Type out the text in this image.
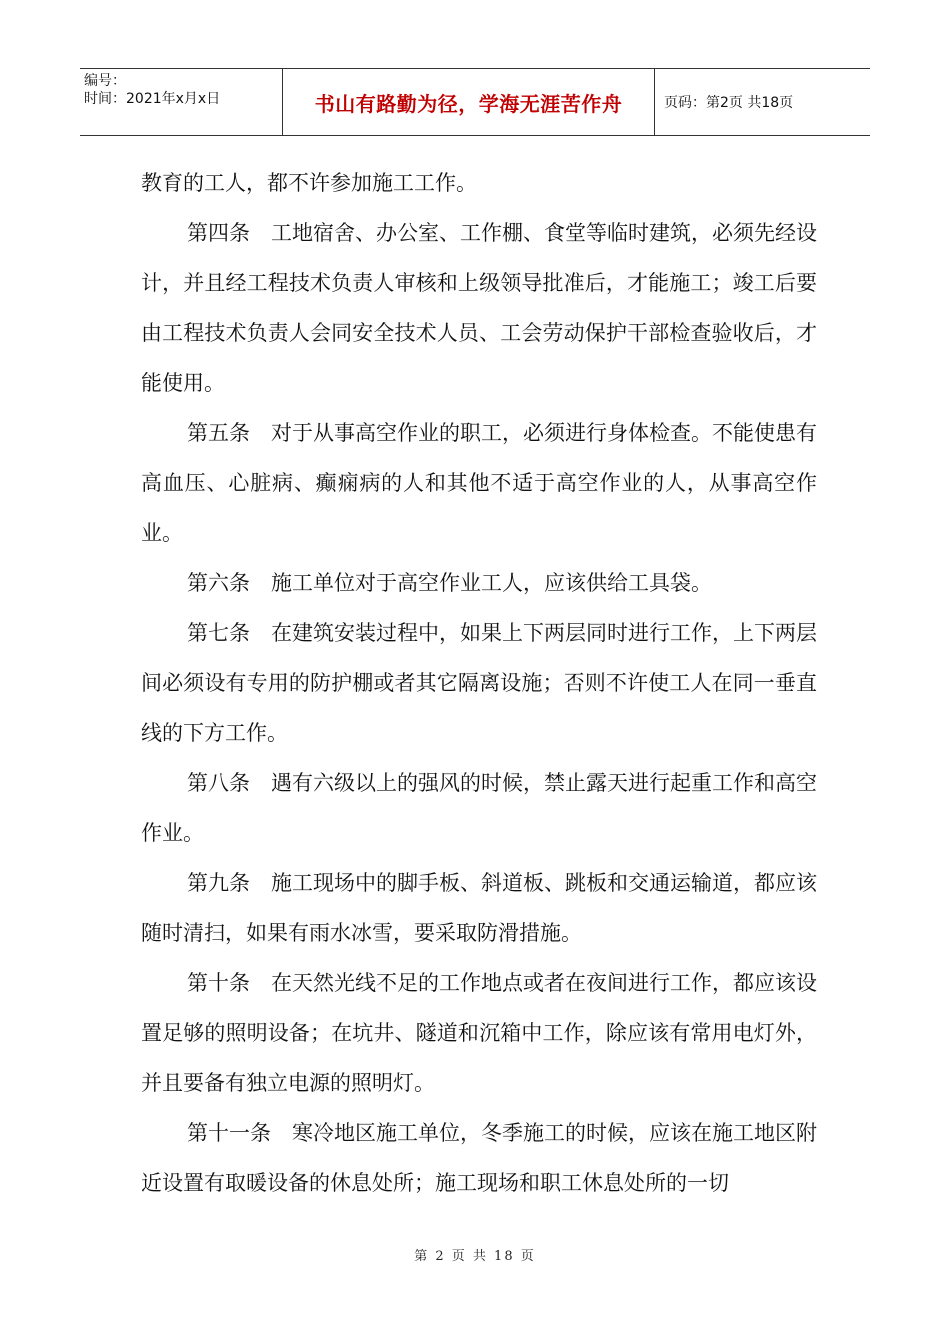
编号：
时间：2021年x月x日	书山有路勤为径，学海无涯苦作舟	页码：第2页 共18页

教育的工人，都不许参加施工工作。

第四条　工地宿舍、办公室、工作棚、食堂等临时建筑，必须先经设计，并且经工程技术负责人审核和上级领导批准后，才能施工；竣工后要由工程技术负责人会同安全技术人员、工会劳动保护干部检查验收后，才能使用。

第五条　对于从事高空作业的职工，必须进行身体检查。不能使患有高血压、心脏病、癫痫病的人和其他不适于高空作业的人，从事高空作业。

第六条　施工单位对于高空作业工人，应该供给工具袋。

第七条　在建筑安装过程中，如果上下两层同时进行工作，上下两层间必须设有专用的防护棚或者其它隔离设施；否则不许使工人在同一垂直线的下方工作。

第八条　遇有六级以上的强风的时候，禁止露天进行起重工作和高空作业。

第九条　施工现场中的脚手板、斜道板、跳板和交通运输道，都应该随时清扫，如果有雨水冰雪，要采取防滑措施。

第十条　在天然光线不足的工作地点或者在夜间进行工作，都应该设置足够的照明设备；在坑井、隧道和沉箱中工作，除应该有常用电灯外，并且要备有独立电源的照明灯。

第十一条　寒冷地区施工单位，冬季施工的时候，应该在施工地区附近设置有取暖设备的休息处所；施工现场和职工休息处所的一切

第 2 页 共 18 页
